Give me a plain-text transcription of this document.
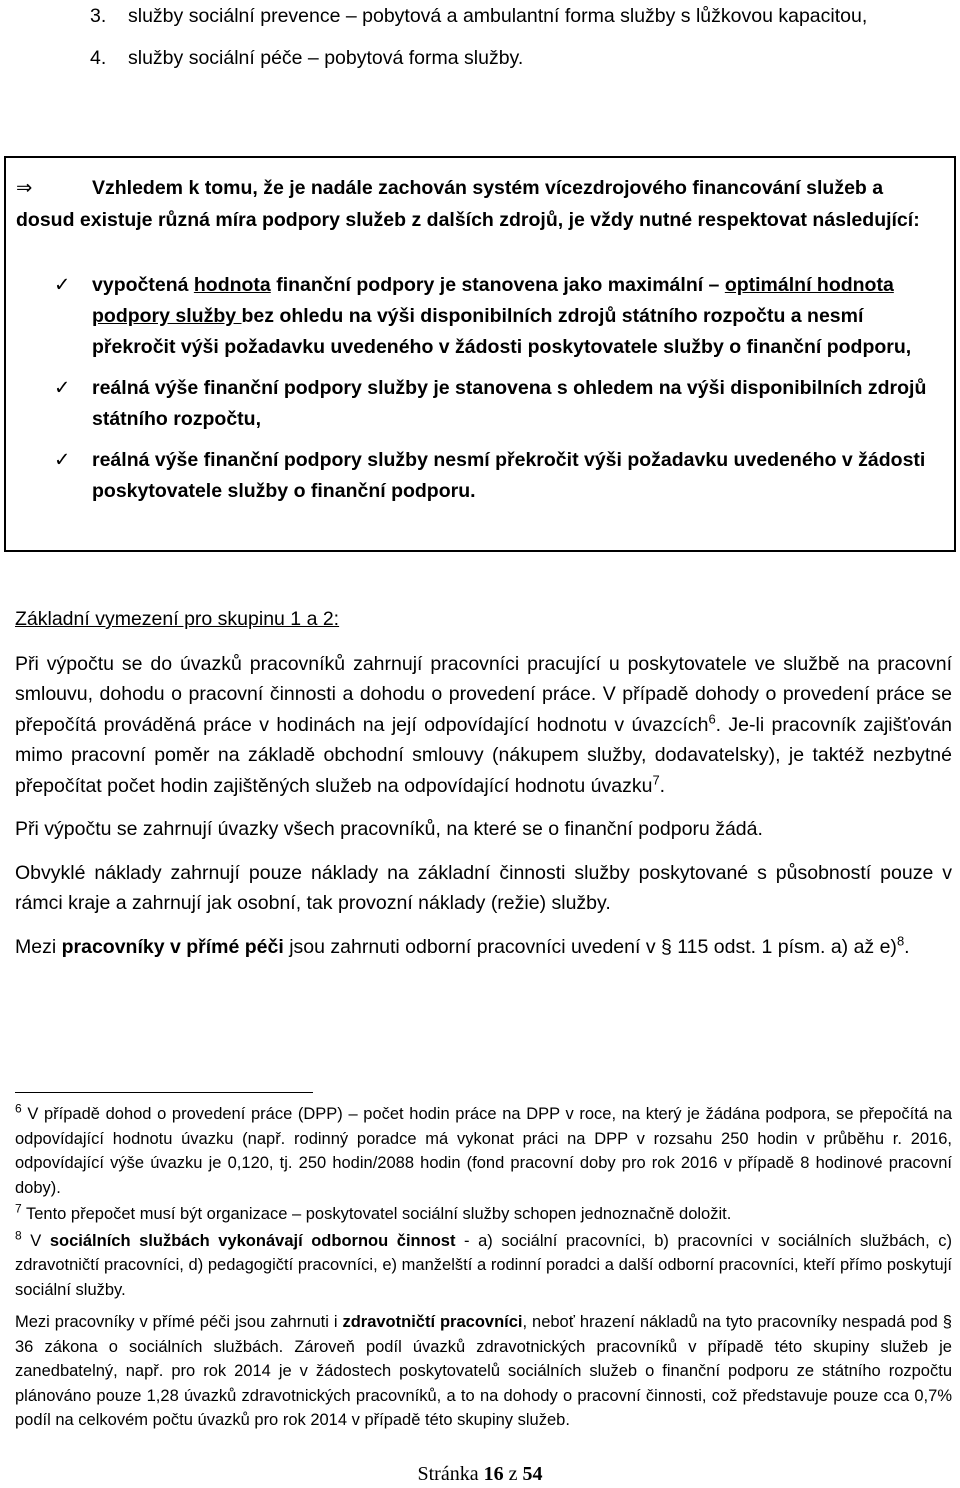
3. služby sociální prevence – pobytová a ambulantní forma služby s lůžkovou kapacitou,
4. služby sociální péče – pobytová forma služby.
⇒	Vzhledem k tomu, že je nadále zachován systém vícezdrojového financování služeb a dosud existuje různá míra podpory služeb z dalších zdrojů, je vždy nutné respektovat následující:
✓ vypočtená hodnota finanční podpory je stanovena jako maximální – optimální hodnota podpory služby bez ohledu na výši disponibilních zdrojů státního rozpočtu a nesmí překročit výši požadavku uvedeného v žádosti poskytovatele služby o finanční podporu,
✓ reálná výše finanční podpory služby je stanovena s ohledem na výši disponibilních zdrojů státního rozpočtu,
✓ reálná výše finanční podpory služby nesmí překročit výši požadavku uvedeného v žádosti poskytovatele služby o finanční podporu.
Základní vymezení pro skupinu 1 a 2:

Při výpočtu se do úvazků pracovníků zahrnují pracovníci pracující u poskytovatele ve službě na pracovní smlouvu, dohodu o pracovní činnosti a dohodu o provedení práce. V případě dohody o provedení práce se přepočítá prováděná práce v hodinách na její odpovídající hodnotu v úvazcích$^6$. Je-li pracovník zajišťován mimo pracovní poměr na základě obchodní smlouvy (nákupem služby, dodavatelsky), je taktéž nezbytné přepočítat počet hodin zajištěných služeb na odpovídající hodnotu úvazku$^7$.

Při výpočtu se zahrnují úvazky všech pracovníků, na které se o finanční podporu žádá.

Obvyklé náklady zahrnují pouze náklady na základní činnosti služby poskytované s působností pouze v rámci kraje a zahrnují jak osobní, tak provozní náklady (režie) služby.

Mezi pracovníky v přímé péči jsou zahrnuti odborní pracovníci uvedení v § 115 odst. 1 písm. a) až e)$^8$.

$^6$ V případě dohod o provedení práce (DPP) – počet hodin práce na DPP v roce, na který je žádána podpora, se přepočítá na odpovídající hodnotu úvazku (např. rodinný poradce má vykonat práci na DPP v rozsahu 250 hodin v průběhu r. 2016, odpovídající výše úvazku je 0,120, tj. 250 hodin/2088 hodin (fond pracovní doby pro rok 2016 v případě 8 hodinové pracovní doby).

$^7$ Tento přepočet musí být organizace – poskytovatel sociální služby schopen jednoznačně doložit.

$^8$ V sociálních službách vykonávají odbornou činnost - a) sociální pracovníci, b) pracovníci v sociálních službách, c) zdravotničtí pracovníci, d) pedagogičtí pracovníci, e) manželští a rodinní poradci a další odborní pracovníci, kteří přímo poskytují sociální služby.

Mezi pracovníky v přímé péči jsou zahrnuti i zdravotničtí pracovníci, neboť hrazení nákladů na tyto pracovníky nespadá pod § 36 zákona o sociálních službách. Zároveň podíl úvazků zdravotnických pracovníků v případě této skupiny služeb je zanedbatelný, např. pro rok 2014 je v žádostech poskytovatelů sociálních služeb o finanční podporu ze státního rozpočtu plánováno pouze 1,28 úvazků zdravotnických pracovníků, a to na dohody o pracovní činnosti, což představuje pouze cca 0,7% podíl na celkovém počtu úvazků pro rok 2014 v případě této skupiny služeb.

Stránka 16 z 54
